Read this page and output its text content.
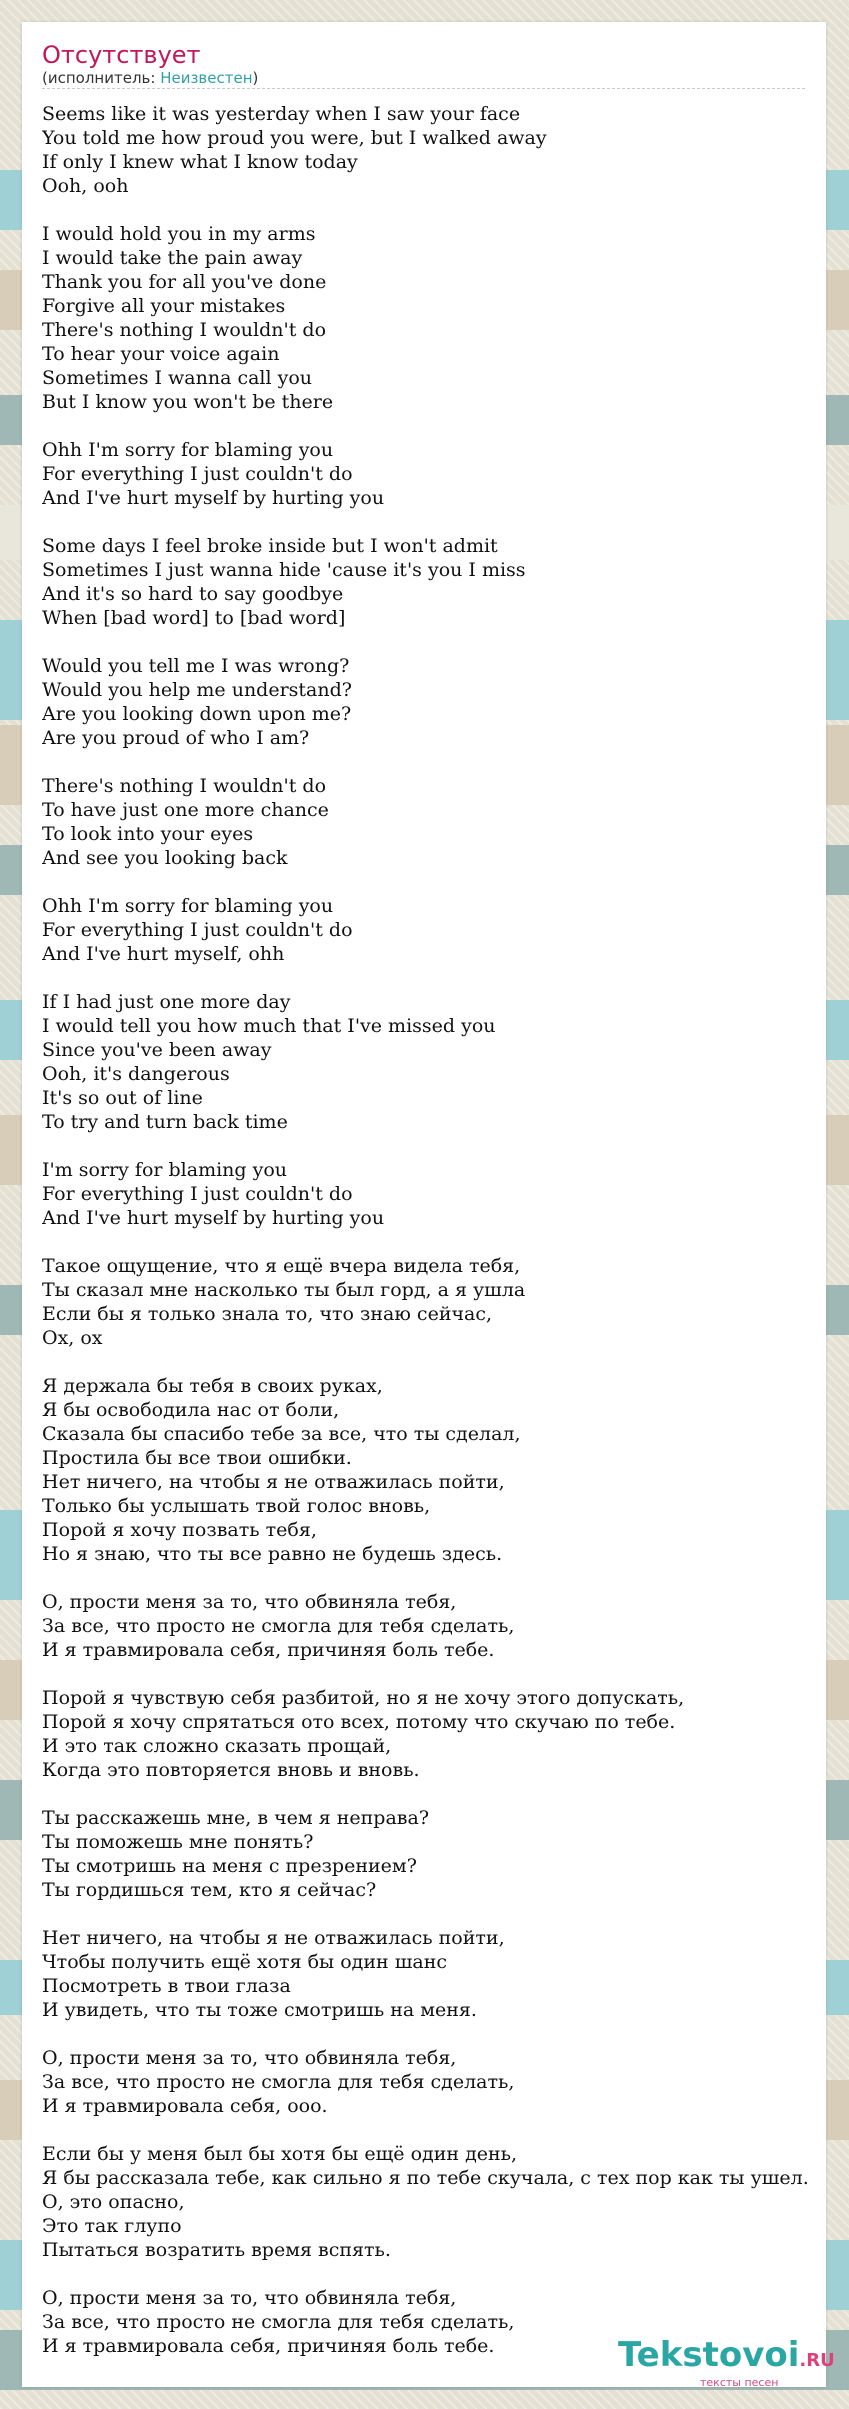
Отсутствует
(исполнитель: Неизвестен)
Seems like it was yesterday when I saw your face
You told me how proud you were, but I walked away
If only I knew what I know today
Ooh, ooh

I would hold you in my arms
I would take the pain away
Thank you for all you've done
Forgive all your mistakes
There's nothing I wouldn't do
To hear your voice again
Sometimes I wanna call you
But I know you won't be there

Ohh I'm sorry for blaming you
For everything I just couldn't do
And I've hurt myself by hurting you

Some days I feel broke inside but I won't admit
Sometimes I just wanna hide 'cause it's you I miss
And it's so hard to say goodbye
When [bad word] to [bad word]

Would you tell me I was wrong?
Would you help me understand?
Are you looking down upon me?
Are you proud of who I am?

There's nothing I wouldn't do
To have just one more chance
To look into your eyes
And see you looking back

Ohh I'm sorry for blaming you
For everything I just couldn't do
And I've hurt myself, ohh

If I had just one more day
I would tell you how much that I've missed you
Since you've been away
Ooh, it's dangerous
It's so out of line
To try and turn back time

I'm sorry for blaming you
For everything I just couldn't do
And I've hurt myself by hurting you

Такое ощущение, что я ещё вчера видела тебя,
Ты сказал мне насколько ты был горд, а я ушла
Если бы я только знала то, что знаю сейчас,
Ох, ох

Я держала бы тебя в своих руках,
Я бы освободила нас от боли,
Сказала бы спасибо тебе за все, что ты сделал,
Простила бы все твои ошибки.
Нет ничего, на чтобы я не отважилась пойти,
Только бы услышать твой голос вновь,
Порой я хочу позвать тебя,
Но я знаю, что ты все равно не будешь здесь.

О, прости меня за то, что обвиняла тебя,
За все, что просто не смогла для тебя сделать,
И я травмировала себя, причиняя боль тебе.

Порой я чувствую себя разбитой, но я не хочу этого допускать,
Порой я хочу спрятаться ото всех, потому что скучаю по тебе.
И это так сложно сказать прощай,
Когда это повторяется вновь и вновь.

Ты расскажешь мне, в чем я неправа?
Ты поможешь мне понять?
Ты смотришь на меня с презрением?
Ты гордишься тем, кто я сейчас?

Нет ничего, на чтобы я не отважилась пойти,
Чтобы получить ещё хотя бы один шанс
Посмотреть в твои глаза
И увидеть, что ты тоже смотришь на меня.

О, прости меня за то, что обвиняла тебя,
За все, что просто не смогла для тебя сделать,
И я травмировала себя, ооо.

Если бы у меня был бы хотя бы ещё один день,
Я бы рассказала тебе, как сильно я по тебе скучала, с тех пор как ты ушел.
О, это опасно,
Это так глупо
Пытаться возратить время вспять.

О, прости меня за то, что обвиняла тебя,
За все, что просто не смогла для тебя сделать,
И я травмировала себя, причиняя боль тебе.	Tekstovoi.RU
тексты песен
